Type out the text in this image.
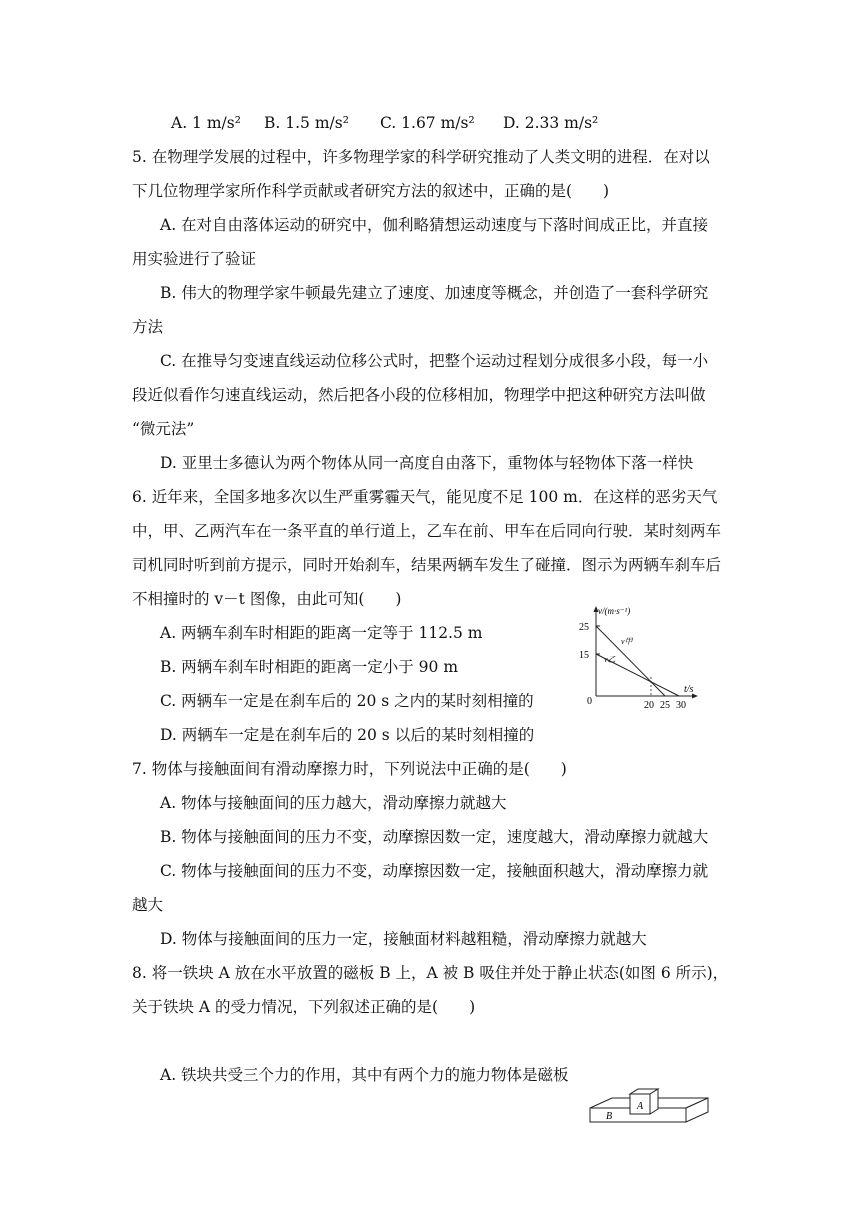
A. 1 m/s² B. 1.5 m/s² C. 1.67 m/s² D. 2.33 m/s²
5. 在物理学发展的过程中，许多物理学家的科学研究推动了人类文明的进程．在对以
下几位物理学家所作科学贡献或者研究方法的叙述中，正确的是(　　)
A. 在对自由落体运动的研究中，伽利略猜想运动速度与下落时间成正比，并直接
用实验进行了验证
B. 伟大的物理学家牛顿最先建立了速度、加速度等概念，并创造了一套科学研究
方法
C. 在推导匀变速直线运动位移公式时，把整个运动过程划分成很多小段，每一小
段近似看作匀速直线运动，然后把各小段的位移相加，物理学中把这种研究方法叫做
“微元法”
D. 亚里士多德认为两个物体从同一高度自由落下，重物体与轻物体下落一样快
6. 近年来，全国多地多次以生严重雾霾天气，能见度不足 100 m．在这样的恶劣天气
中，甲、乙两汽车在一条平直的单行道上，乙车在前、甲车在后同向行驶．某时刻两车
司机同时听到前方提示，同时开始刹车，结果两辆车发生了碰撞．图示为两辆车刹车后
不相撞时的 v－t 图像，由此可知(　　)
A. 两辆车刹车时相距的距离一定等于 112.5 m
B. 两辆车刹车时相距的距离一定小于 90 m
C. 两辆车一定是在刹车后的 20 s 之内的某时刻相撞的
D. 两辆车一定是在刹车后的 20 s 以后的某时刻相撞的
v/(m·s⁻¹)
t/s
0
25
15
20 25 30
v甲
v乙
7. 物体与接触面间有滑动摩擦力时，下列说法中正确的是(　　)
A. 物体与接触面间的压力越大，滑动摩擦力就越大
B. 物体与接触面间的压力不变，动摩擦因数一定，速度越大，滑动摩擦力就越大
C. 物体与接触面间的压力不变，动摩擦因数一定，接触面积越大，滑动摩擦力就
越大
D. 物体与接触面间的压力一定，接触面材料越粗糙，滑动摩擦力就越大
8. 将一铁块 A 放在水平放置的磁板 B 上，A 被 B 吸住并处于静止状态(如图 6 所示)，
关于铁块 A 的受力情况，下列叙述正确的是(　　)
A. 铁块共受三个力的作用，其中有两个力的施力物体是磁板
B
A
